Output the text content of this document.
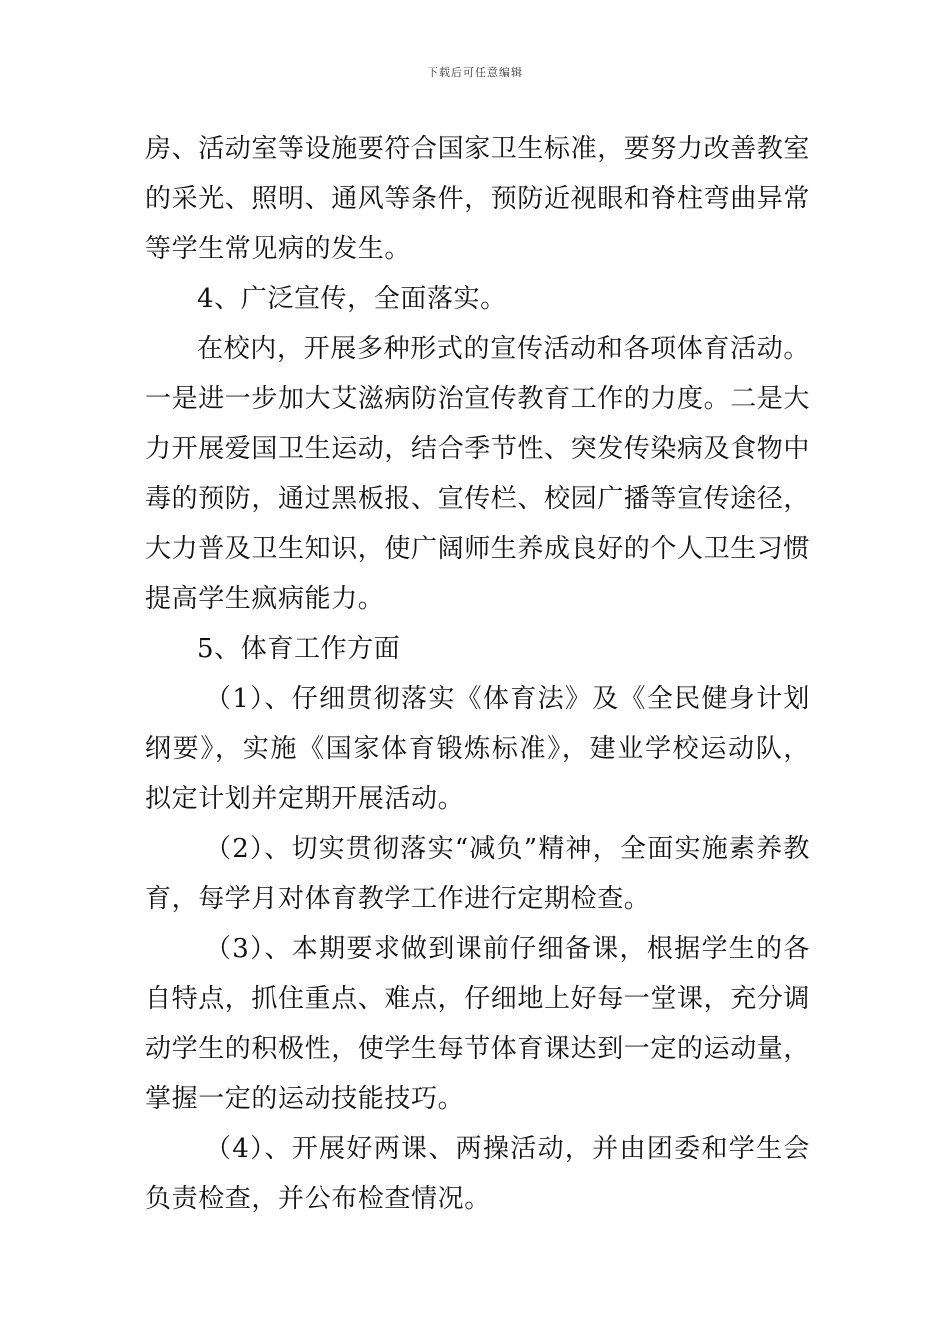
下载后可任意编辑

房、活动室等设施要符合国家卫生标准，要努力改善教室的采光、照明、通风等条件，预防近视眼和脊柱弯曲异常等学生常见病的发生。

4、广泛宣传，全面落实。

在校内，开展多种形式的宣传活动和各项体育活动。一是进一步加大艾滋病防治宣传教育工作的力度。二是大力开展爱国卫生运动，结合季节性、突发传染病及食物中毒的预防，通过黑板报、宣传栏、校园广播等宣传途径，大力普及卫生知识，使广阔师生养成良好的个人卫生习惯提高学生疯病能力。

5、体育工作方面

（1）、仔细贯彻落实《体育法》及《全民健身计划纲要》，实施《国家体育锻炼标准》，建业学校运动队，拟定计划并定期开展活动。

（2）、切实贯彻落实“减负”精神，全面实施素养教育，每学月对体育教学工作进行定期检查。

（3）、本期要求做到课前仔细备课，根据学生的各自特点，抓住重点、难点，仔细地上好每一堂课，充分调动学生的积极性，使学生每节体育课达到一定的运动量，掌握一定的运动技能技巧。

（4）、开展好两课、两操活动，并由团委和学生会负责检查，并公布检查情况。
